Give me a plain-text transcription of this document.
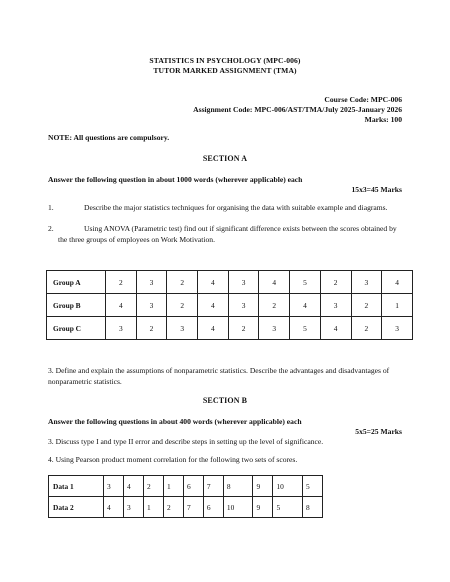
STATISTICS IN PSYCHOLOGY (MPC-006)
TUTOR MARKED ASSIGNMENT (TMA)
Course Code: MPC-006
Assignment Code: MPC-006/AST/TMA/July 2025-January 2026
Marks: 100
NOTE: All questions are compulsory.
SECTION A
Answer the following question in about 1000 words (wherever applicable) each
15x3=45 Marks
1.	Describe the major statistics techniques for organising the data with suitable example and diagrams.
2.	Using ANOVA (Parametric test) find out if significant difference exists between the scores obtained by the three groups of employees on Work Motivation.
Group A	2	3	2	4	3	4	5	2	3	4
Group B	4	3	2	4	3	2	4	3	2	1
Group C	3	2	3	4	2	3	5	4	2	3
3. Define and explain the assumptions of nonparametric statistics. Describe the advantages and disadvantages of nonparametric statistics.
SECTION B
Answer the following questions in about 400 words (wherever applicable) each
5x5=25 Marks
3. Discuss type I and type II error and describe steps in setting up the level of significance.
4. Using Pearson product moment correlation for the following two sets of scores.
Data 1	3	4	2	1	6	7	8	9	10	5
Data 2	4	3	1	2	7	6	10	9	5	8
